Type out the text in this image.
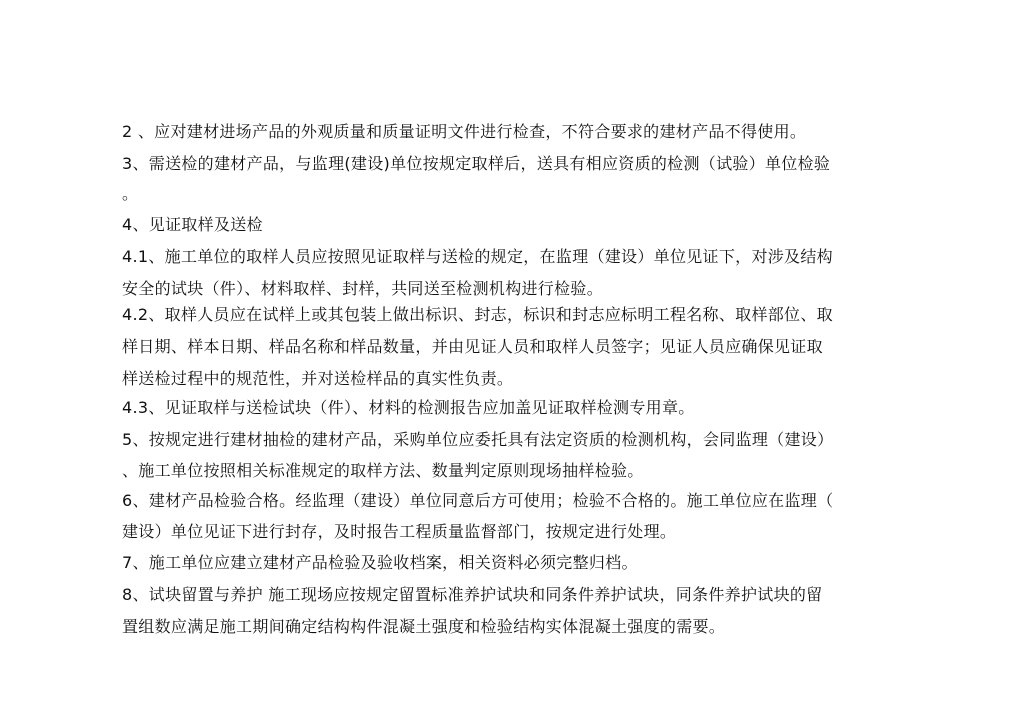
2 、应对建材进场产品的外观质量和质量证明文件进行检查，不符合要求的建材产品不得使用。
3、需送检的建材产品，与监理(建设)单位按规定取样后，送具有相应资质的检测（试验）单位检验
。
4、见证取样及送检
4.1、施工单位的取样人员应按照见证取样与送检的规定，在监理（建设）单位见证下，对涉及结构
安全的试块（件）、材料取样、封样，共同送至检测机构进行检验。
4.2、取样人员应在试样上或其包装上做出标识、封志，标识和封志应标明工程名称、取样部位、取
样日期、样本日期、样品名称和样品数量，并由见证人员和取样人员签字；见证人员应确保见证取
样送检过程中的规范性，并对送检样品的真实性负责。
4.3、见证取样与送检试块（件）、材料的检测报告应加盖见证取样检测专用章。
5、按规定进行建材抽检的建材产品，采购单位应委托具有法定资质的检测机构，会同监理（建设）
、施工单位按照相关标准规定的取样方法、数量判定原则现场抽样检验。
6、建材产品检验合格。经监理（建设）单位同意后方可使用；检验不合格的。施工单位应在监理（
建设）单位见证下进行封存，及时报告工程质量监督部门，按规定进行处理。
7、施工单位应建立建材产品检验及验收档案，相关资料必须完整归档。
8、试块留置与养护 施工现场应按规定留置标准养护试块和同条件养护试块，同条件养护试块的留
置组数应满足施工期间确定结构构件混凝土强度和检验结构实体混凝土强度的需要。
